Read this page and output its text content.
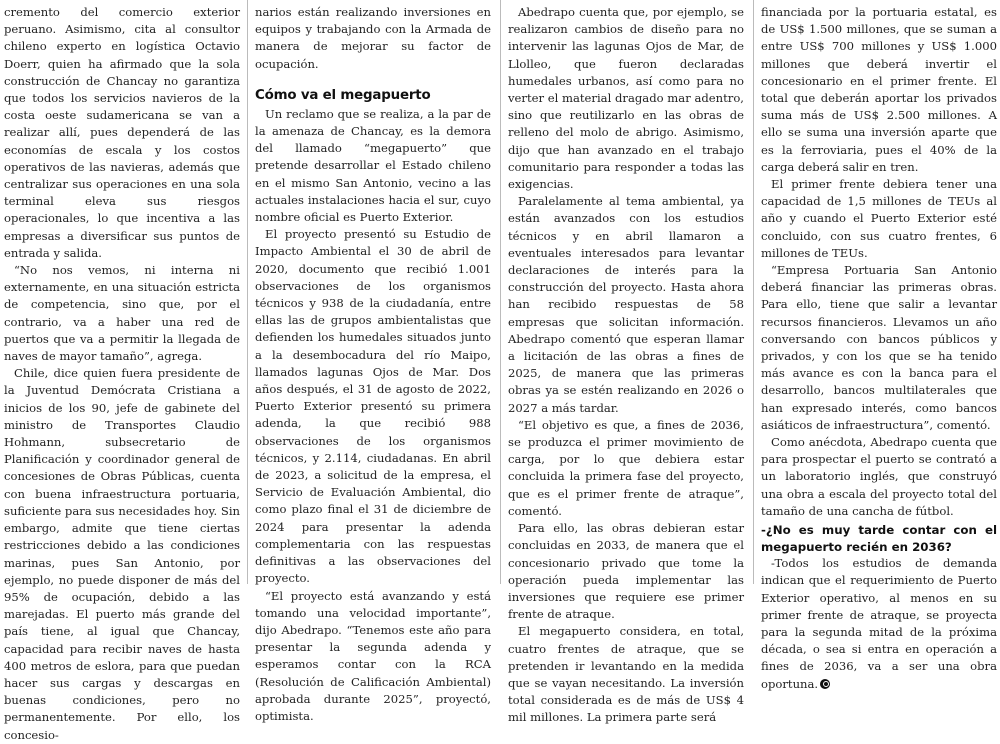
cremento del comercio exterior peruano. Asimismo, cita al consultor chileno experto en logística Octavio Doerr, quien ha afirmado que la sola construcción de Chancay no garantiza que todos los servicios navieros de la costa oeste sudamericana se van a realizar allí, pues dependerá de las economías de escala y los costos operativos de las navieras, además que centralizar sus operaciones en una sola terminal eleva sus riesgos operacionales, lo que incentiva a las empresas a diversificar sus puntos de entrada y salida.

“No nos vemos, ni interna ni externamente, en una situación estricta de competencia, sino que, por el contrario, va a haber una red de puertos que va a permitir la llegada de naves de mayor tamaño”, agrega.

Chile, dice quien fuera presidente de la Juventud Demócrata Cristiana a inicios de los 90, jefe de gabinete del ministro de Transportes Claudio Hohmann, subsecretario de Planificación y coordinador general de concesiones de Obras Públicas, cuenta con buena infraestructura portuaria, suficiente para sus necesidades hoy. Sin embargo, admite que tiene ciertas restricciones debido a las condiciones marinas, pues San Antonio, por ejemplo, no puede disponer de más del 95% de ocupación, debido a las marejadas. El puerto más grande del país tiene, al igual que Chancay, capacidad para recibir naves de hasta 400 metros de eslora, para que puedan hacer sus cargas y descargas en buenas condiciones, pero no permanentemente. Por ello, los concesio-

narios están realizando inversiones en equipos y trabajando con la Armada de manera de mejorar su factor de ocupación.

Cómo va el megapuerto

Un reclamo que se realiza, a la par de la amenaza de Chancay, es la demora del llamado “megapuerto” que pretende desarrollar el Estado chileno en el mismo San Antonio, vecino a las actuales instalaciones hacia el sur, cuyo nombre oficial es Puerto Exterior.

El proyecto presentó su Estudio de Impacto Ambiental el 30 de abril de 2020, documento que recibió 1.001 observaciones de los organismos técnicos y 938 de la ciudadanía, entre ellas las de grupos ambientalistas que defienden los humedales situados junto a la desembocadura del río Maipo, llamados lagunas Ojos de Mar. Dos años después, el 31 de agosto de 2022, Puerto Exterior presentó su primera adenda, la que recibió 988 observaciones de los organismos técnicos, y 2.114, ciudadanas. En abril de 2023, a solicitud de la empresa, el Servicio de Evaluación Ambiental, dio como plazo final el 31 de diciembre de 2024 para presentar la adenda complementaria con las respuestas definitivas a las observaciones del proyecto.

“El proyecto está avanzando y está tomando una velocidad importante”, dijo Abedrapo. “Tenemos este año para presentar la segunda adenda y esperamos contar con la RCA (Resolución de Calificación Ambiental) aprobada durante 2025”, proyectó, optimista.

Abedrapo cuenta que, por ejemplo, se realizaron cambios de diseño para no intervenir las lagunas Ojos de Mar, de Llolleo, que fueron declaradas humedales urbanos, así como para no verter el material dragado mar adentro, sino que reutilizarlo en las obras de relleno del molo de abrigo. Asimismo, dijo que han avanzado en el trabajo comunitario para responder a todas las exigencias.

Paralelamente al tema ambiental, ya están avanzados con los estudios técnicos y en abril llamaron a eventuales interesados para levantar declaraciones de interés para la construcción del proyecto. Hasta ahora han recibido respuestas de 58 empresas que solicitan información. Abedrapo comentó que esperan llamar a licitación de las obras a fines de 2025, de manera que las primeras obras ya se estén realizando en 2026 o 2027 a más tardar.

“El objetivo es que, a fines de 2036, se produzca el primer movimiento de carga, por lo que debiera estar concluida la primera fase del proyecto, que es el primer frente de atraque”, comentó.

Para ello, las obras debieran estar concluidas en 2033, de manera que el concesionario privado que tome la operación pueda implementar las inversiones que requiere ese primer frente de atraque.

El megapuerto considera, en total, cuatro frentes de atraque, que se pretenden ir levantando en la medida que se vayan necesitando. La inversión total considerada es de más de US$ 4 mil millones. La primera parte será

financiada por la portuaria estatal, es de US$ 1.500 millones, que se suman a entre US$ 700 millones y US$ 1.000 millones que deberá invertir el concesionario en el primer frente. El total que deberán aportar los privados suma más de US$ 2.500 millones. A ello se suma una inversión aparte que es la ferroviaria, pues el 40% de la carga deberá salir en tren.

El primer frente debiera tener una capacidad de 1,5 millones de TEUs al año y cuando el Puerto Exterior esté concluido, con sus cuatro frentes, 6 millones de TEUs.

“Empresa Portuaria San Antonio deberá financiar las primeras obras. Para ello, tiene que salir a levantar recursos financieros. Llevamos un año conversando con bancos públicos y privados, y con los que se ha tenido más avance es con la banca para el desarrollo, bancos multilaterales que han expresado interés, como bancos asiáticos de infraestructura”, comentó.

Como anécdota, Abedrapo cuenta que para prospectar el puerto se contrató a un laboratorio inglés, que construyó una obra a escala del proyecto total del tamaño de una cancha de fútbol.

-¿No es muy tarde contar con el megapuerto recién en 2036?

-Todos los estudios de demanda indican que el requerimiento de Puerto Exterior operativo, al menos en su primer frente de atraque, se proyecta para la segunda mitad de la próxima década, o sea si entra en operación a fines de 2036, va a ser una obra oportuna.
